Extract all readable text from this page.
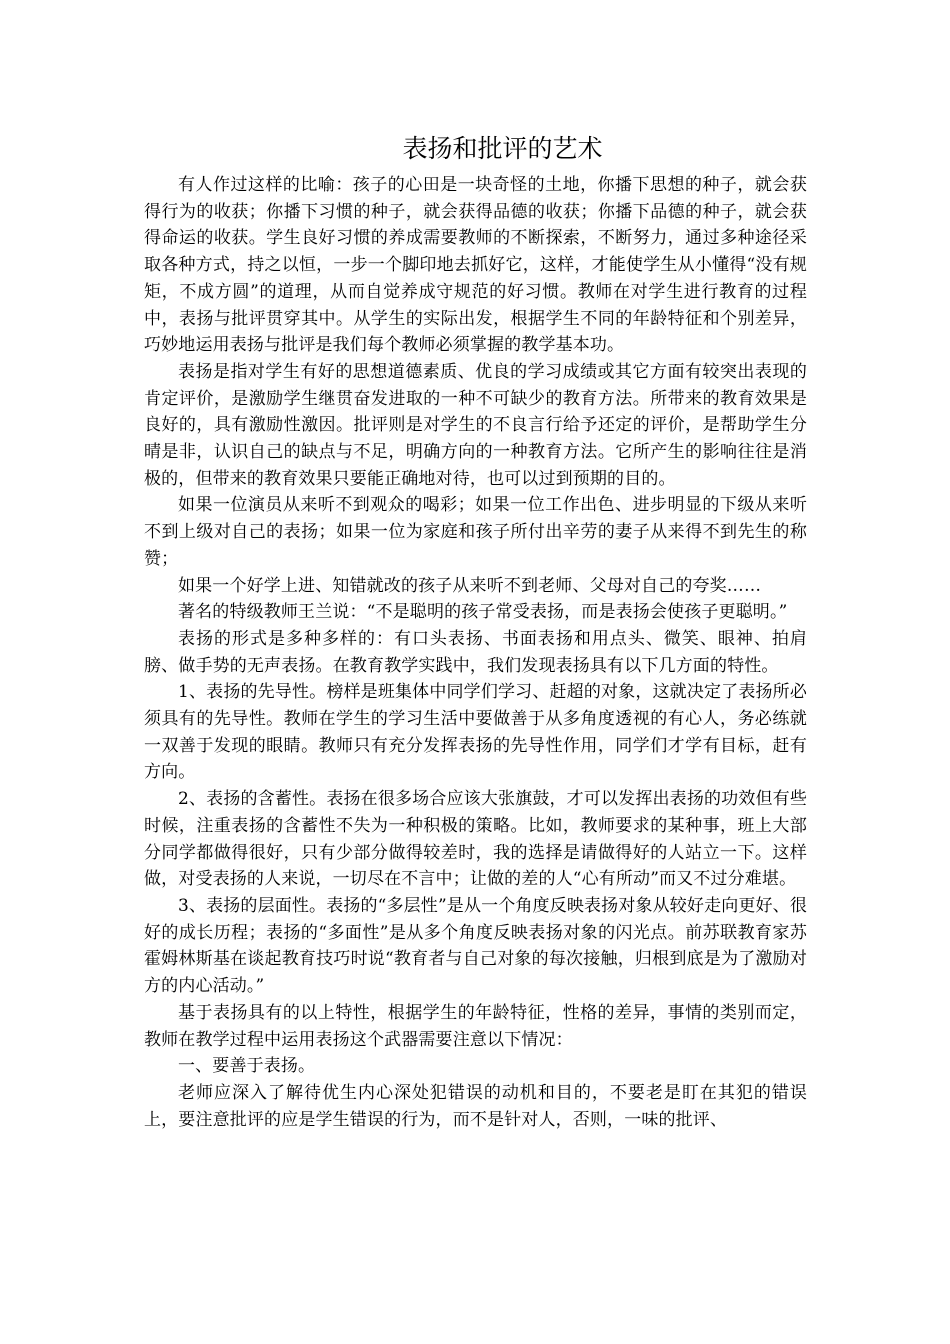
表扬和批评的艺术

有人作过这样的比喻：孩子的心田是一块奇怪的土地，你播下思想的种子，就会获得行为的收获；你播下习惯的种子，就会获得品德的收获；你播下品德的种子，就会获得命运的收获。学生良好习惯的养成需要教师的不断探索，不断努力，通过多种途径采取各种方式，持之以恒，一步一个脚印地去抓好它，这样，才能使学生从小懂得“没有规矩，不成方圆”的道理，从而自觉养成守规范的好习惯。教师在对学生进行教育的过程中，表扬与批评贯穿其中。从学生的实际出发，根据学生不同的年龄特征和个别差异，巧妙地运用表扬与批评是我们每个教师必须掌握的教学基本功。

表扬是指对学生有好的思想道德素质、优良的学习成绩或其它方面有较突出表现的肯定评价，是激励学生继贯奋发进取的一种不可缺少的教育方法。所带来的教育效果是良好的，具有激励性激因。批评则是对学生的不良言行给予还定的评价，是帮助学生分晴是非，认识自己的缺点与不足，明确方向的一种教育方法。它所产生的影响往往是消极的，但带来的教育效果只要能正确地对待，也可以过到预期的目的。

如果一位演员从来听不到观众的喝彩；如果一位工作出色、进步明显的下级从来听不到上级对自己的表扬；如果一位为家庭和孩子所付出辛劳的妻子从来得不到先生的称赞；

如果一个好学上进、知错就改的孩子从来听不到老师、父母对自己的夸奖……

著名的特级教师王兰说：“不是聪明的孩子常受表扬，而是表扬会使孩子更聪明。”

表扬的形式是多种多样的：有口头表扬、书面表扬和用点头、微笑、眼神、拍肩膀、做手势的无声表扬。在教育教学实践中，我们发现表扬具有以下几方面的特性。

1、表扬的先导性。榜样是班集体中同学们学习、赶超的对象，这就决定了表扬所必须具有的先导性。教师在学生的学习生活中要做善于从多角度透视的有心人，务必练就一双善于发现的眼睛。教师只有充分发挥表扬的先导性作用，同学们才学有目标，赶有方向。

2、表扬的含蓄性。表扬在很多场合应该大张旗鼓，才可以发挥出表扬的功效但有些时候，注重表扬的含蓄性不失为一种积极的策略。比如，教师要求的某种事，班上大部分同学都做得很好，只有少部分做得较差时，我的选择是请做得好的人站立一下。这样做，对受表扬的人来说，一切尽在不言中；让做的差的人“心有所动”而又不过分难堪。

3、表扬的层面性。表扬的“多层性”是从一个角度反映表扬对象从较好走向更好、很好的成长历程；表扬的“多面性”是从多个角度反映表扬对象的闪光点。前苏联教育家苏霍姆林斯基在谈起教育技巧时说“教育者与自己对象的每次接触，归根到底是为了激励对方的内心活动。”

基于表扬具有的以上特性，根据学生的年龄特征，性格的差异，事情的类别而定，教师在教学过程中运用表扬这个武器需要注意以下情况：

一、要善于表扬。

老师应深入了解待优生内心深处犯错误的动机和目的，不要老是盯在其犯的错误上，要注意批评的应是学生错误的行为，而不是针对人，否则，一味的批评、
